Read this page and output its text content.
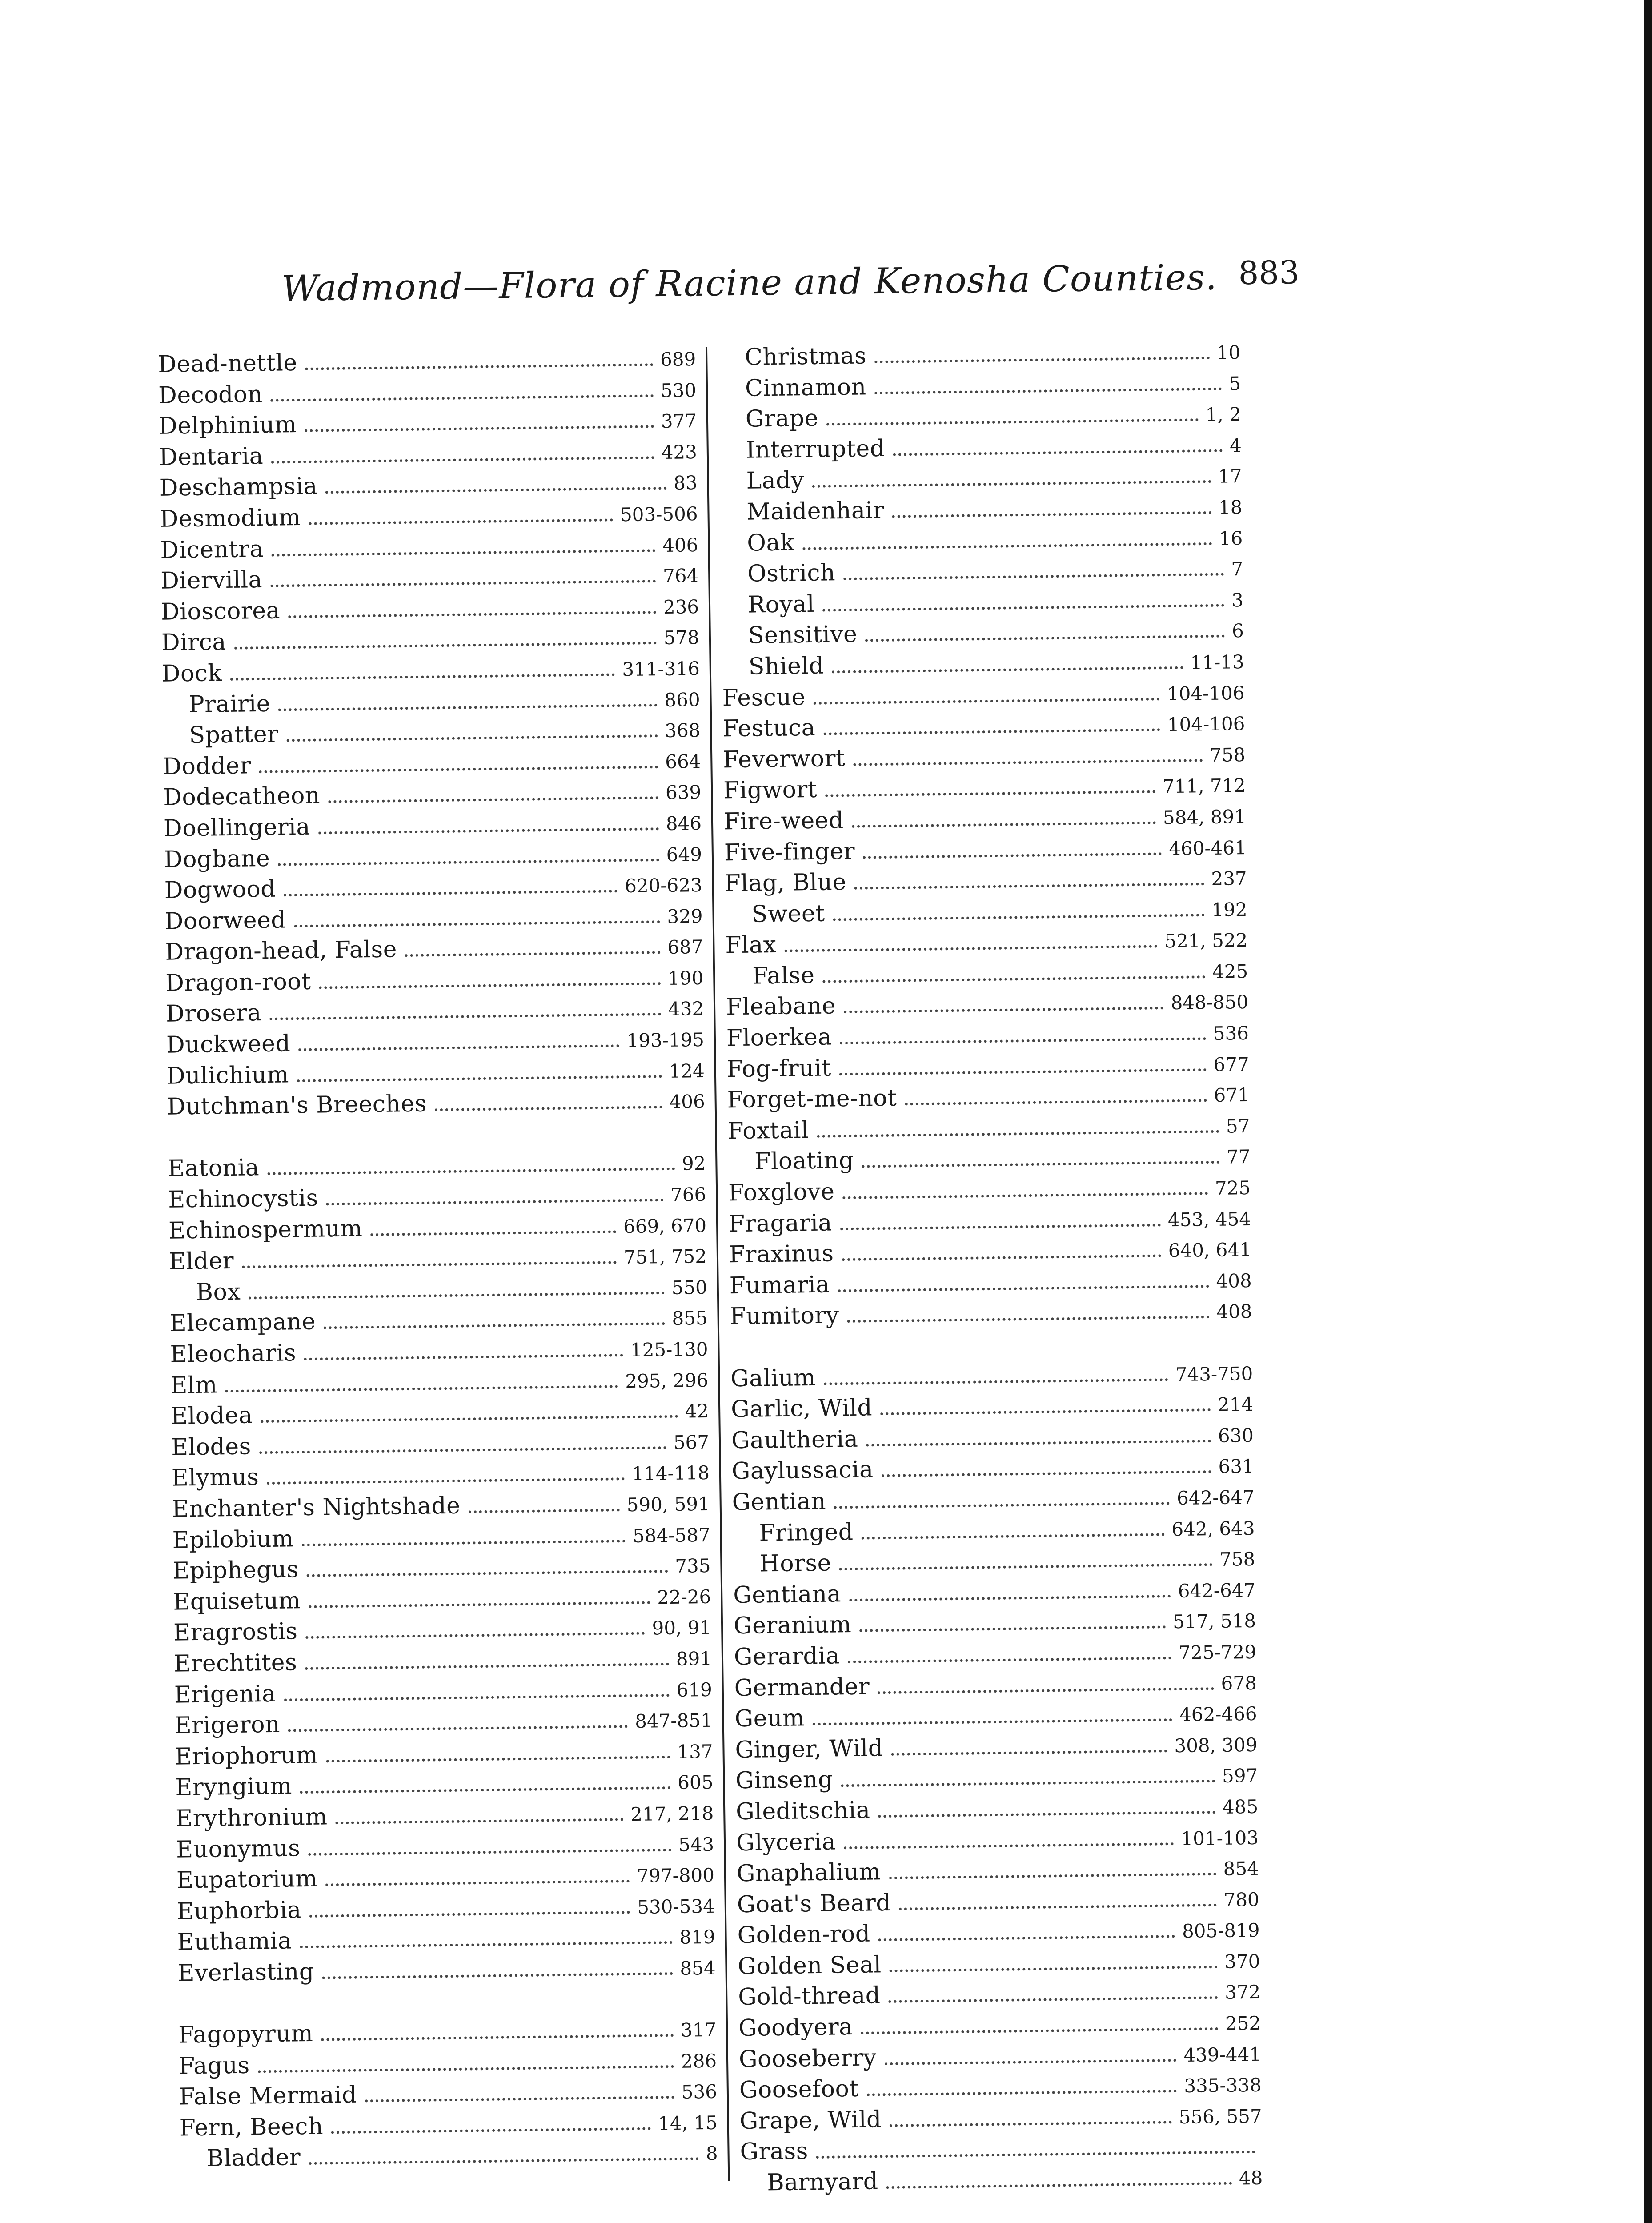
Wadmond—Flora of Racine and Kenosha Counties. 883
Dead-nettle	689
Decodon	530
Delphinium	377
Dentaria	423
Deschampsia	83
Desmodium	503-506
Dicentra	406
Diervilla	764
Dioscorea	236
Dirca	578
Dock	311-316
Prairie	860
Spatter	368
Dodder	664
Dodecatheon	639
Doellingeria	846
Dogbane	649
Dogwood	620-623
Doorweed	329
Dragon-head, False	687
Dragon-root	190
Drosera	432
Duckweed	193-195
Dulichium	124
Dutchman's Breeches	406
Eatonia	92
Echinocystis	766
Echinospermum	669, 670
Elder	751, 752
Box	550
Elecampane	855
Eleocharis	125-130
Elm	295, 296
Elodea	42
Elodes	567
Elymus	114-118
Enchanter's Nightshade	590, 591
Epilobium	584-587
Epiphegus	735
Equisetum	22-26
Eragrostis	90, 91
Erechtites	891
Erigenia	619
Erigeron	847-851
Eriophorum	137
Eryngium	605
Erythronium	217, 218
Euonymus	543
Eupatorium	797-800
Euphorbia	530-534
Euthamia	819
Everlasting	854
Fagopyrum	317
Fagus	286
False Mermaid	536
Fern, Beech	14, 15
Bladder	8
Christmas	10
Cinnamon	5
Grape	1, 2
Interrupted	4
Lady	17
Maidenhair	18
Oak	16
Ostrich	7
Royal	3
Sensitive	6
Shield	11-13
Fescue	104-106
Festuca	104-106
Feverwort	758
Figwort	711, 712
Fire-weed	584, 891
Five-finger	460-461
Flag, Blue	237
Sweet	192
Flax	521, 522
False	425
Fleabane	848-850
Floerkea	536
Fog-fruit	677
Forget-me-not	671
Foxtail	57
Floating	77
Foxglove	725
Fragaria	453, 454
Fraxinus	640, 641
Fumaria	408
Fumitory	408
Galium	743-750
Garlic, Wild	214
Gaultheria	630
Gaylussacia	631
Gentian	642-647
Fringed	642, 643
Horse	758
Gentiana	642-647
Geranium	517, 518
Gerardia	725-729
Germander	678
Geum	462-466
Ginger, Wild	308, 309
Ginseng	597
Gleditschia	485
Glyceria	101-103
Gnaphalium	854
Goat's Beard	780
Golden-rod	805-819
Golden Seal	370
Gold-thread	372
Goodyera	252
Gooseberry	439-441
Goosefoot	335-338
Grape, Wild	556, 557
Grass
Barnyard	48
